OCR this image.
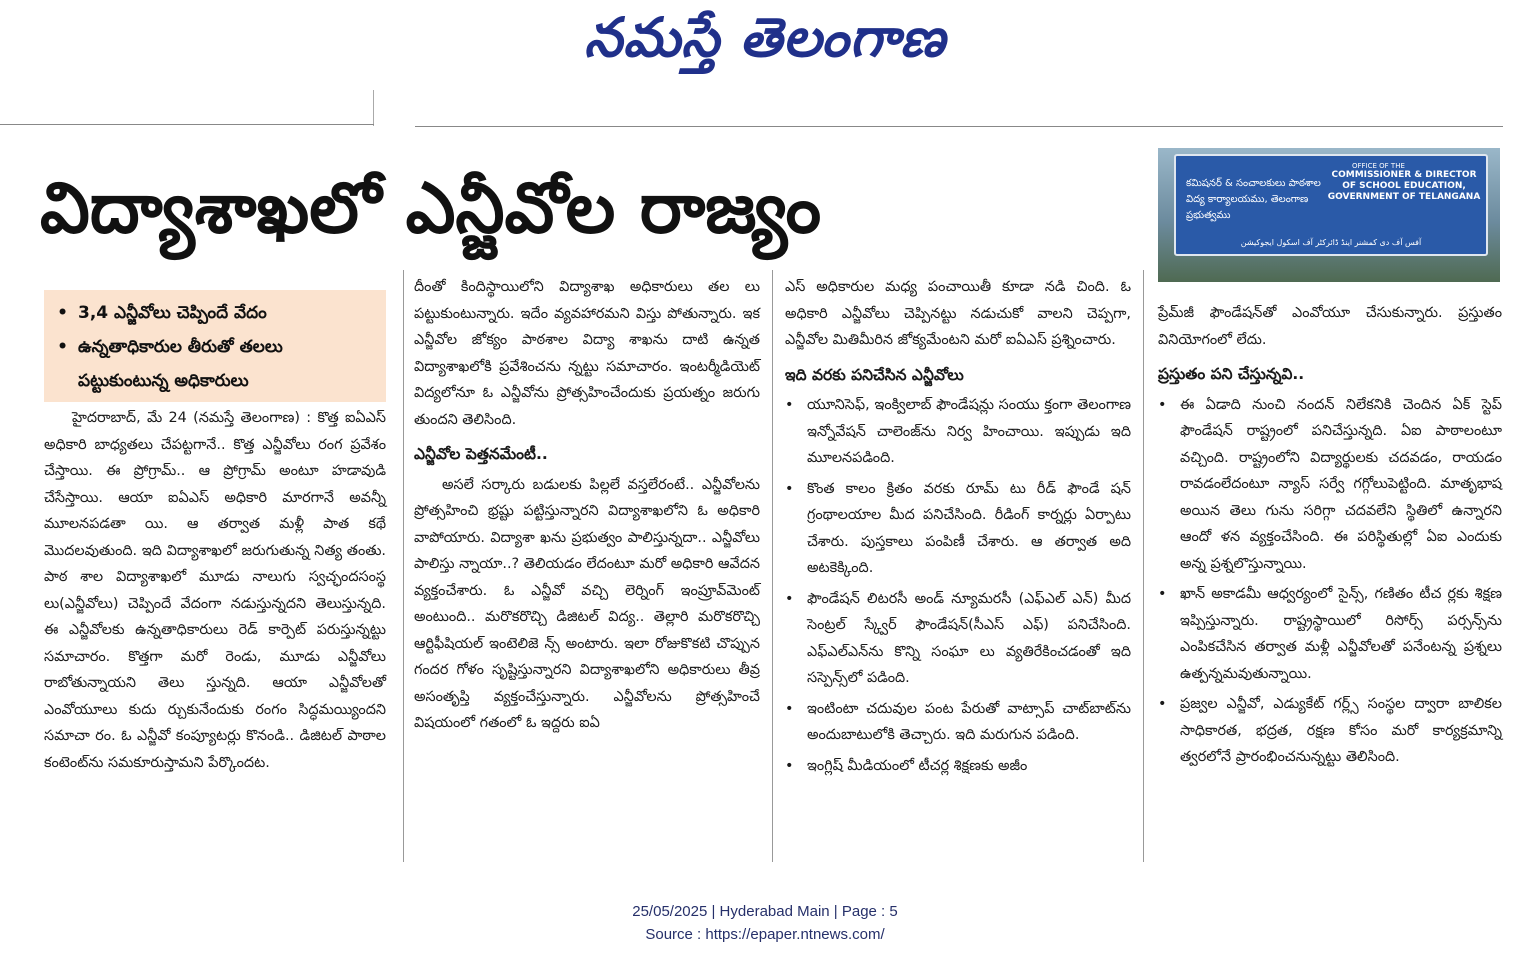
నమస్తే తెలంగాణ
విద్యాశాఖలో ఎన్జీవోల రాజ్యం
OFFICE OF THE
కమిషనర్ & సంచాలకులు పాఠశాల విద్య కార్యాలయము, తెలంగాణ ప్రభుత్వము
COMMISSIONER & DIRECTOR OF SCHOOL EDUCATION, GOVERNMENT OF TELANGANA
آفس آف دی کمشنر اینڈ ڈائرکٹر آف اسکول ایجوکیشن
• 3,4 ఎన్జీవోలు చెప్పిందే వేదం
• ఉన్నతాధికారుల తీరుతో తలలు పట్టుకుంటున్న అధికారులు

హైదరాబాద్, మే 24 (నమస్తే తెలంగాణ) : కొత్త ఐఏఎస్ అధికారి బాధ్యతలు చేపట్టగానే.. కొత్త ఎన్జీవోలు రంగ ప్రవేశం చేస్తాయి. ఈ ప్రోగ్రామ్.. ఆ ప్రోగ్రామ్ అంటూ హడావుడి చేసేస్తాయి. ఆయా ఐఏఎస్ అధికారి మారగానే అవన్నీ మూలనపడతా యి. ఆ తర్వాత మళ్లీ పాత కథే మొదలవుతుంది. ఇది విద్యాశాఖలో జరుగుతున్న నిత్య తంతు. పాఠ శాల విద్యాశాఖలో మూడు నాలుగు స్వచ్ఛందసంస్థ లు(ఎన్జీవోలు) చెప్పిందే వేదంగా నడుస్తున్నదని తెలుస్తున్నది. ఈ ఎన్జీవోలకు ఉన్నతాధికారులు రెడ్ కార్పెట్ పరుస్తున్నట్టు సమాచారం. కొత్తగా మరో రెండు, మూడు ఎన్జీవోలు రాబోతున్నాయని తెలు స్తున్నది. ఆయా ఎన్జీవోలతో ఎంవోయూలు కుదు ర్చుకునేందుకు రంగం సిద్ధమయ్యిందని సమాచా రం. ఓ ఎన్జీవో కంప్యూటర్లు కొనండి.. డిజిటల్ పాఠాల కంటెంట్‌ను సమకూరుస్తామని పేర్కొందట.

దీంతో కిందిస్థాయిలోని విద్యాశాఖ అధికారులు తల లు పట్టుకుంటున్నారు. ఇదేం వ్యవహారమని విస్తు పోతున్నారు. ఇక ఎన్జీవోల జోక్యం పాఠశాల విద్యా శాఖను దాటి ఉన్నత విద్యాశాఖలోకి ప్రవేశించను న్నట్టు సమాచారం. ఇంటర్మీడియెట్ విద్యలోనూ ఓ ఎన్జీవోను ప్రోత్సహించేందుకు ప్రయత్నం జరుగు తుందని తెలిసింది.

ఎన్జీవోల పెత్తనమేంటీ..

అసలే సర్కారు బడులకు పిల్లలే వస్తలేరంటే.. ఎన్జీవోలను ప్రోత్సహించి భ్రష్టు పట్టిస్తున్నారని విద్యాశాఖలోని ఓ అధికారి వాపోయారు. విద్యాశా ఖను ప్రభుత్వం పాలిస్తున్నదా.. ఎన్జీవోలు పాలిస్తు న్నాయా..? తెలియడం లేదంటూ మరో అధికారి ఆవేదన వ్యక్తంచేశారు. ఓ ఎన్జీవో వచ్చి లెర్నింగ్ ఇంప్రూవ్‌మెంట్ అంటుంది.. మరొకరొచ్చి డిజిటల్ విద్య.. తెల్లారి మరొకరొచ్చి ఆర్టిఫీషియల్ ఇంటెలిజె న్స్ అంటారు. ఇలా రోజుకొకటి చొప్పున గందర గోళం సృష్టిస్తున్నారని విద్యాశాఖలోని అధికారులు తీవ్ర అసంతృప్తి వ్యక్తంచేస్తున్నారు. ఎన్జీవోలను ప్రోత్సహించే విషయంలో గతంలో ఓ ఇద్దరు ఐఏ

ఎస్ అధికారుల మధ్య పంచాయితీ కూడా నడి చింది. ఓ అధికారి ఎన్జీవోలు చెప్పినట్టు నడుచుకో వాలని చెప్పగా, ఎన్జీవోల మితిమీరిన జోక్యమేంటని మరో ఐఏఎస్ ప్రశ్నించారు.

ఇది వరకు పనిచేసిన ఎన్జీవోలు
• యూనిసెఫ్, ఇంక్విలాబ్ ఫౌండేషన్లు సంయు క్తంగా తెలంగాణ ఇన్నోవేషన్ చాలెంజ్‌ను నిర్వ హించాయి. ఇప్పుడు ఇది మూలనపడింది.
• కొంత కాలం క్రితం వరకు రూమ్ టు రీడ్ ఫౌండే షన్ గ్రంథాలయాల మీద పనిచేసింది. రీడింగ్ కార్నర్లు ఏర్పాటు చేశారు. పుస్తకాలు పంపిణీ చేశారు. ఆ తర్వాత అది అటకెక్కింది.
• ఫౌండేషన్ లిటరసీ అండ్ న్యూమరసీ (ఎఫ్‌ఎల్ ఎన్) మీద సెంట్రల్ స్క్వేర్ ఫౌండేషన్(సీఎస్ ఎఫ్) పనిచేసింది. ఎఫ్‌ఎల్‌ఎన్‌ను కొన్ని సంఘా లు వ్యతిరేకించడంతో ఇది సస్పెన్స్‌లో పడింది.
• ఇంటింటా చదువుల పంట పేరుతో వాట్సాప్ చాట్‌బాట్‌ను అందుబాటులోకి తెచ్చారు. ఇది మరుగున పడింది.
• ఇంగ్లిష్ మీడియంలో టీచర్ల శిక్షణకు అజీం

ప్రేమ్‌జీ ఫౌండేషన్‌తో ఎంవోయూ చేసుకున్నారు. ప్రస్తుతం వినియోగంలో లేదు.

ప్రస్తుతం పని చేస్తున్నవి..
• ఈ ఏడాది నుంచి నందన్ నిలేకనికి చెందిన ఏక్ స్టెప్ ఫౌండేషన్ రాష్ట్రంలో పనిచేస్తున్నది. ఏఐ పాఠాలంటూ వచ్చింది. రాష్ట్రంలోని విద్యార్థులకు చదవడం, రాయడం రావడంలేదంటూ న్యాస్ సర్వే గగ్గోలుపెట్టింది. మాతృభాష అయిన తెలు గును సరిగ్గా చదవలేని స్థితిలో ఉన్నారని ఆందో ళన వ్యక్తంచేసింది. ఈ పరిస్థితుల్లో ఏఐ ఎందుకు అన్న ప్రశ్నలొస్తున్నాయి.
• ఖాన్ అకాడమీ ఆధ్వర్యంలో సైన్స్, గణితం టీచ ర్లకు శిక్షణ ఇప్పిస్తున్నారు. రాష్ట్రస్థాయిలో రిసోర్స్ పర్సన్స్‌ను ఎంపికచేసిన తర్వాత మళ్లీ ఎన్జీవోలతో పనేంటన్న ప్రశ్నలు ఉత్పన్నమవుతున్నాయి.
• ప్రజ్వల ఎన్జీవో, ఎడ్యుకేట్ గర్ల్స్ సంస్థల ద్వారా బాలికల సాధికారత, భద్రత, రక్షణ కోసం మరో కార్యక్రమాన్ని త్వరలోనే ప్రారంభించనున్నట్టు తెలిసింది.
25/05/2025 | Hyderabad Main | Page : 5
Source : https://epaper.ntnews.com/
